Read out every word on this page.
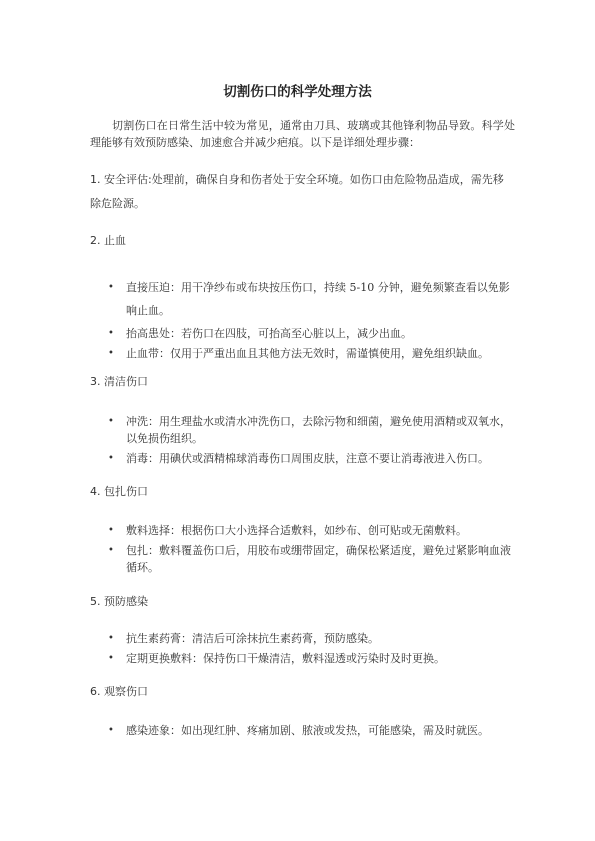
切割伤口的科学处理方法
切割伤口在日常生活中较为常见，通常由刀具、玻璃或其他锋利物品导致。科学处理能够有效预防感染、加速愈合并减少疤痕。以下是详细处理步骤：
1. 安全评估:处理前，确保自身和伤者处于安全环境。如伤口由危险物品造成，需先移除危险源。
2. 止血
• 直接压迫：用干净纱布或布块按压伤口，持续 5-10 分钟，避免频繁查看以免影响止血。
• 抬高患处：若伤口在四肢，可抬高至心脏以上，减少出血。
• 止血带：仅用于严重出血且其他方法无效时，需谨慎使用，避免组织缺血。
3. 清洁伤口
• 冲洗：用生理盐水或清水冲洗伤口，去除污物和细菌，避免使用酒精或双氧水，以免损伤组织。
• 消毒：用碘伏或酒精棉球消毒伤口周围皮肤，注意不要让消毒液进入伤口。
4. 包扎伤口
• 敷料选择：根据伤口大小选择合适敷料，如纱布、创可贴或无菌敷料。
• 包扎：敷料覆盖伤口后，用胶布或绷带固定，确保松紧适度，避免过紧影响血液循环。
5. 预防感染
• 抗生素药膏：清洁后可涂抹抗生素药膏，预防感染。
• 定期更换敷料：保持伤口干燥清洁，敷料湿透或污染时及时更换。
6. 观察伤口
• 感染迹象：如出现红肿、疼痛加剧、脓液或发热，可能感染，需及时就医。
